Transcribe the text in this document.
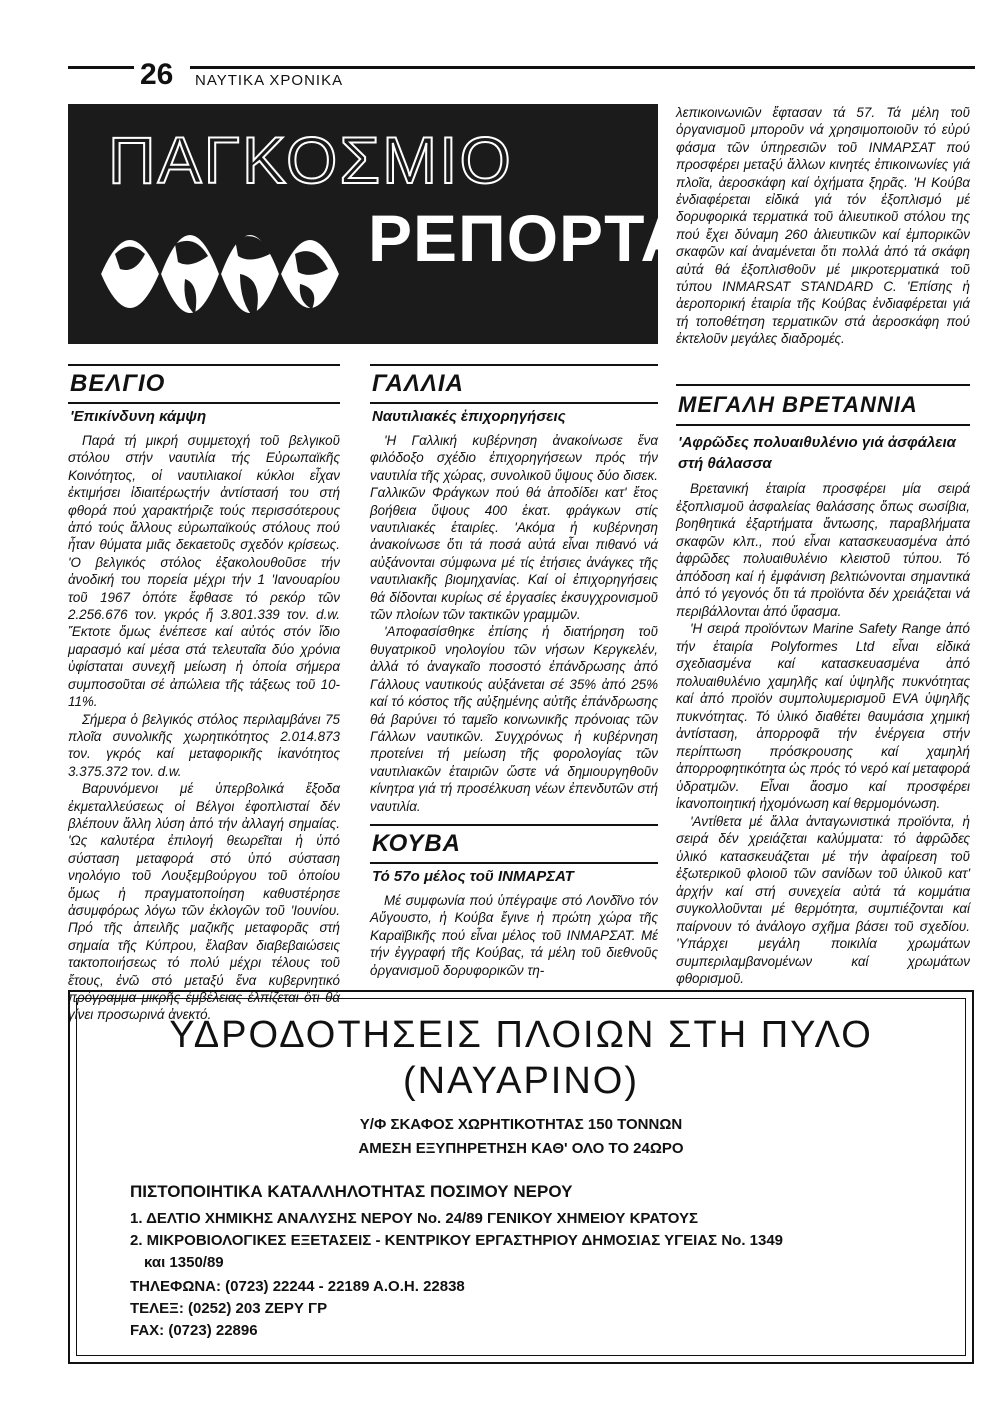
26 ΝΑΥΤΙΚΑ ΧΡΟΝΙΚΑ
ΠΑΓΚΟΣΜΙΟ
ΡΕΠΟΡΤΑΖ
ΒΕΛΓΙΟ
'Επικίνδυνη κάμψη

Παρά τή μικρή συμμετοχή τοῦ βελγικοῦ στόλου στήν ναυτιλία τής Εὐρωπαϊκῆς Κοινότητος, οἱ ναυτιλιακοί κύκλοι εἶχαν ἐκτιμήσει ἰδιαιτέρωςτήν ἀντίστασή του στή φθορά πού χαρακτήριζε τούς περισσότερους ἀπό τούς ἄλλους εὐρωπαϊκούς στόλους πού ἦταν θύματα μιᾶς δεκαετοῦς σχεδόν κρίσεως. 'Ο βελγικός στόλος ἐξακολουθοῦσε τήν ἀνοδική του πορεία μέχρι τήν 1 'Ιανουαρίου τοῦ 1967 ὁπότε ἔφθασε τό ρεκόρ τῶν 2.256.676 τον. γκρός ἤ 3.801.339 τον. d.w. Ἔκτοτε ὅμως ἐνέπεσε καί αὐτός στόν ἴδιο μαρασμό καί μέσα στά τελευταῖα δύο χρόνια ὑφίσταται συνεχῆ μείωση ἡ ὁποία σήμερα συμποσοῦται σέ ἀπώλεια τῆς τάξεως τοῦ 10-11%.

Σήμερα ὁ βελγικός στόλος περιλαμβάνει 75 πλοῖα συνολικῆς χωρητικότητος 2.014.873 τον. γκρός καί μεταφορικῆς ἱκανότητος 3.375.372 τον. d.w.

Βαρυνόμενοι μέ ὑπερβολικά ἔξοδα ἐκμεταλλεύσεως οἱ Βέλγοι ἐφοπλισταί δέν βλέπουν ἄλλη λύση ἀπό τήν ἀλλαγή σημαίας. 'Ως καλυτέρα ἐπιλογή θεωρεῖται ἡ ὑπό σύσταση μεταφορά στό ὑπό σύσταση νηολόγιο τοῦ Λουξεμβούργου τοῦ ὁποίου ὅμως ἡ πραγματοποίηση καθυστέρησε ἀσυμφόρως λόγω τῶν ἐκλογῶν τοῦ 'Ιουνίου. Πρό τῆς ἀπειλῆς μαζικῆς μεταφορᾶς στή σημαία τῆς Κύπρου, ἔλαβαν διαβεβαιώσεις τακτοποιήσεως τό πολύ μέχρι τέλους τοῦ ἔτους, ἐνῶ στό μεταξύ ἕνα κυβερνητικό πρόγραμμα μικρῆς ἐμβέλειας ἐλπίζεται ὅτι θά γίνει προσωρινά ἀνεκτό.

ΓΑΛΛΙΑ
Ναυτιλιακές ἐπιχορηγήσεις

'Η Γαλλική κυβέρνηση ἀνακοίνωσε ἕνα φιλόδοξο σχέδιο ἐπιχορηγήσεων πρός τήν ναυτιλία τῆς χώρας, συνολικοῦ ὕψους δύο δισεκ. Γαλλικῶν Φράγκων πού θά ἀποδίδει κατ' ἔτος βοήθεια ὕψους 400 ἑκατ. φράγκων στίς ναυτιλιακές ἑταιρίες. 'Ακόμα ἡ κυβέρνηση ἀνακοίνωσε ὅτι τά ποσά αὐτά εἶναι πιθανό νά αὐξάνονται σύμφωνα μέ τίς ἐτήσιες ἀνάγκες τῆς ναυτιλιακῆς βιομηχανίας. Καί οἱ ἐπιχορηγήσεις θά δίδονται κυρίως σέ ἐργασίες ἐκσυγχρονισμοῦ τῶν πλοίων τῶν τακτικῶν γραμμῶν.

'Αποφασίσθηκε ἐπίσης ἡ διατήρηση τοῦ θυγατρικοῦ νηολογίου τῶν νήσων Κεργκελέν, ἀλλά τό ἀναγκαῖο ποσοστό ἐπάνδρωσης ἀπό Γάλλους ναυτικούς αὐξάνεται σέ 35% ἀπό 25% καί τό κόστος τῆς αὐξημένης αὐτῆς ἐπάνδρωσης θά βαρύνει τό ταμεῖο κοινωνικῆς πρόνοιας τῶν Γάλλων ναυτικῶν. Συγχρόνως ἡ κυβέρνηση προτείνει τή μείωση τῆς φορολογίας τῶν ναυτιλιακῶν ἑταιριῶν ὥστε νά δημιουργηθοῦν κίνητρα γιά τή προσέλκυση νέων ἐπενδυτῶν στή ναυτιλία.

ΚΟΥΒΑ
Τό 57ο μέλος τοῦ ΙΝΜΑΡΣΑΤ

Μέ συμφωνία πού ὑπέγραψε στό Λονδῖνο τόν Αὔγουστο, ἡ Κούβα ἔγινε ἡ πρώτη χώρα τῆς Καραϊβικῆς πού εἶναι μέλος τοῦ ΙΝΜΑΡΣΑΤ. Μέ τήν ἐγγραφή τῆς Κούβας, τά μέλη τοῦ διεθνοῦς ὀργανισμοῦ δορυφορικῶν τη-

λεπικοινωνιῶν ἔφτασαν τά 57. Τά μέλη τοῦ ὀργανισμοῦ μποροῦν νά χρησιμοποιοῦν τό εὐρύ φάσμα τῶν ὑπηρεσιῶν τοῦ ΙΝΜΑΡΣΑΤ πού προσφέρει μεταξύ ἄλλων κινητές ἐπικοινωνίες γιά πλοῖα, ἀεροσκάφη καί ὀχήματα ξηρᾶς. 'Η Κούβα ἐνδιαφέρεται εἰδικά γιά τόν ἐξοπλισμό μέ δορυφορικά τερματικά τοῦ ἁλιευτικοῦ στόλου της πού ἔχει δύναμη 260 ἁλιευτικῶν καί ἐμπορικῶν σκαφῶν καί ἀναμένεται ὅτι πολλά ἀπό τά σκάφη αὐτά θά ἐξοπλισθοῦν μέ μικροτερματικά τοῦ τύπου INMARSAT STANDARD C. 'Επίσης ἡ ἀεροπορική ἑταιρία τῆς Κούβας ἐνδιαφέρεται γιά τή τοποθέτηση τερματικῶν στά ἀεροσκάφη πού ἐκτελοῦν μεγάλες διαδρομές.

ΜΕΓΑΛΗ ΒΡΕΤΑΝΝΙΑ
'Αφρῶδες πολυαιθυλένιο γιά ἀσφάλεια στή θάλασσα

Βρετανική ἑταιρία προσφέρει μία σειρά ἐξοπλισμοῦ ἀσφαλείας θαλάσσης ὅπως σωσίβια, βοηθητικά ἐξαρτήματα ἄντωσης, παραβλήματα σκαφῶν κλπ., πού εἶναι κατασκευασμένα ἀπό ἀφρῶδες πολυαιθυλένιο κλειστοῦ τύπου. Τό ἀπόδοση καί ἡ ἐμφάνιση βελτιώνονται σημαντικά ἀπό τό γεγονός ὅτι τά προϊόντα δέν χρειάζεται νά περιβάλλονται ἀπό ὕφασμα.

'Η σειρά προϊόντων Marine Safety Range ἀπό τήν ἑταιρία Polyformes Ltd εἶναι εἰδικά σχεδιασμένα καί κατασκευασμένα ἀπό πολυαιθυλένιο χαμηλῆς καί ὑψηλῆς πυκνότητας καί ἀπό προϊόν συμπολυμερισμοῦ EVA ὑψηλῆς πυκνότητας. Τό ὑλικό διαθέτει θαυμάσια χημική ἀντίσταση, ἀπορροφᾶ τήν ἐνέργεια στήν περίπτωση πρόσκρουσης καί χαμηλή ἀπορροφητικότητα ὡς πρός τό νερό καί μεταφορά ὑδρατμῶν. Εἶναι ἄοσμο καί προσφέρει ἱκανοποιητική ἠχομόνωση καί θερμομόνωση.

'Αντίθετα μέ ἄλλα ἀνταγωνιστικά προϊόντα, ἡ σειρά δέν χρειάζεται καλύμματα: τό ἀφρῶδες ὑλικό κατασκευάζεται μέ τήν ἀφαίρεση τοῦ ἐξωτερικοῦ φλοιοῦ τῶν σανίδων τοῦ ὑλικοῦ κατ' ἀρχήν καί στή συνεχεία αὐτά τά κομμάτια συγκολλοῦνται μέ θερμότητα, συμπιέζονται καί παίρνουν τό ἀνάλογο σχῆμα βάσει τοῦ σχεδίου. 'Υπάρχει μεγάλη ποικιλία χρωμάτων συμπεριλαμβανομένων καί χρωμάτων φθορισμοῦ.

ΥΔΡΟΔΟΤΗΣΕΙΣ ΠΛΟΙΩΝ ΣΤΗ ΠΥΛΟ
(ΝΑΥΑΡΙΝΟ)
Υ/Φ ΣΚΑΦΟΣ ΧΩΡΗΤΙΚΟΤΗΤΑΣ 150 ΤΟΝΝΩΝ
ΑΜΕΣΗ ΕΞΥΠΗΡΕΤΗΣΗ ΚΑΘ' ΟΛΟ ΤΟ 24ΩΡΟ
ΠΙΣΤΟΠΟΙΗΤΙΚΑ ΚΑΤΑΛΛΗΛΟΤΗΤΑΣ ΠΟΣΙΜΟΥ ΝΕΡΟΥ
1. ΔΕΛΤΙΟ ΧΗΜΙΚΗΣ ΑΝΑΛΥΣΗΣ ΝΕΡΟΥ Νο. 24/89 ΓΕΝΙΚΟΥ ΧΗΜΕΙΟΥ ΚΡΑΤΟΥΣ
2. ΜΙΚΡΟΒΙΟΛΟΓΙΚΕΣ ΕΞΕΤΑΣΕΙΣ - ΚΕΝΤΡΙΚΟΥ ΕΡΓΑΣΤΗΡΙΟΥ ΔΗΜΟΣΙΑΣ ΥΓΕΙΑΣ Νο. 1349
και 1350/89
ΤΗΛΕΦΩΝΑ: (0723) 22244 - 22189 Α.Ο.Η. 22838
ΤΕΛΕΞ: (0252) 203 ΖΕΡΥ ΓΡ
FAX: (0723) 22896
